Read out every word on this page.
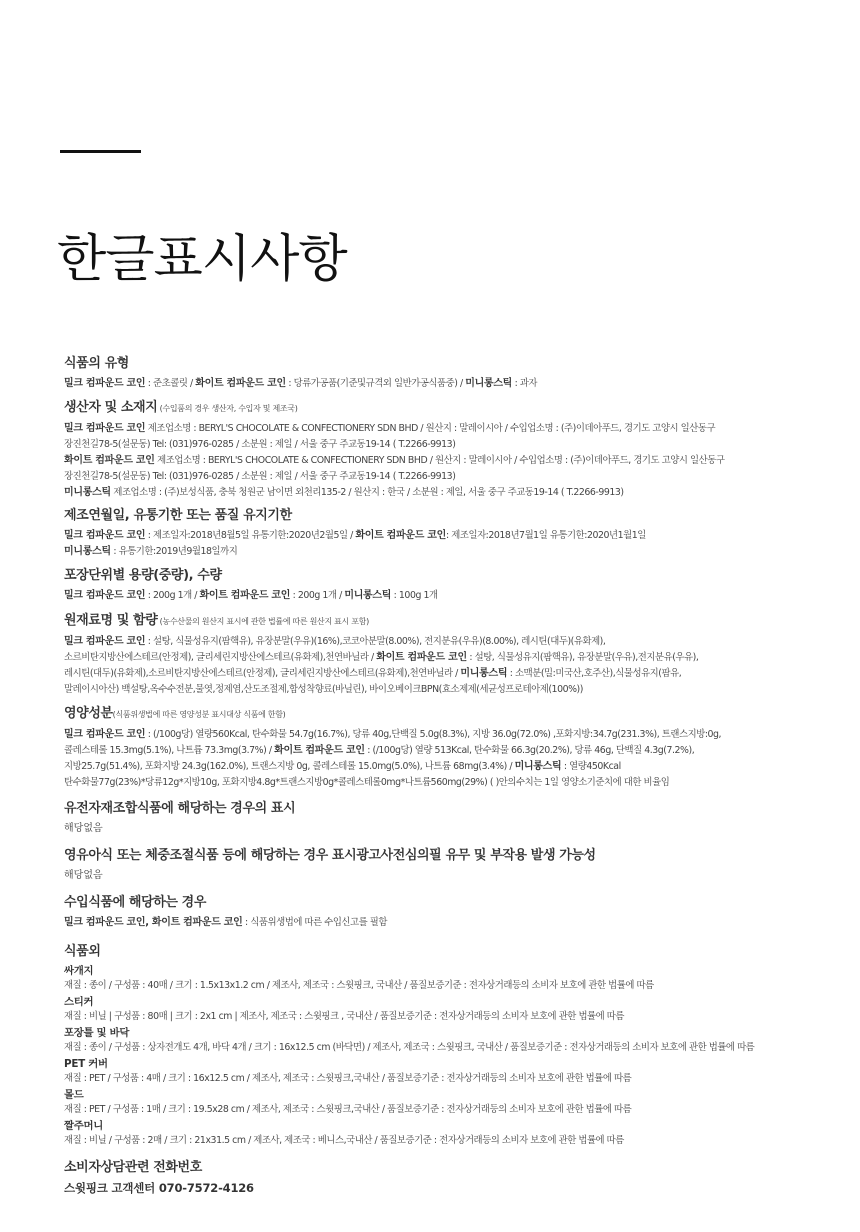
한글표시사항
식품의 유형
밀크 컴파운드 코인 : 준초콜릿 / 화이트 컴파운드 코인 : 당류가공품(기준및규격외 일반가공식품중) / 미니롱스틱 : 과자
생산자 및 소재지 (수입품의 경우 생산자, 수입자 및 제조국)
밀크 컴파운드 코인 제조업소명 : BERYL'S CHOCOLATE & CONFECTIONERY SDN BHD / 원산지 : 말레이시아 / 수입업소명 : (주)이데아푸드, 경기도 고양시 일산동구
장진천길78-5(설문동) Tel: (031)976-0285 / 소분원 : 제일 / 서울 중구 주교동19-14 ( T.2266-9913)
화이트 컴파운드 코인 제조업소명 : BERYL'S CHOCOLATE & CONFECTIONERY SDN BHD / 원산지 : 말레이시아 / 수입업소명 : (주)이데아푸드, 경기도 고양시 일산동구
장진천길78-5(설문동) Tel: (031)976-0285 / 소분원 : 제일 / 서울 중구 주교동19-14 ( T.2266-9913)
미니롱스틱 제조업소명 : (주)보성식품, 충북 청원군 남이면 외천리135-2 / 원산지 : 한국 / 소분원 : 제일, 서울 중구 주교동19-14 ( T.2266-9913)
제조연월일, 유통기한 또는 품질 유지기한
밀크 컴파운드 코인 : 제조일자:2018년8월5일 유통기한:2020년2월5일 / 화이트 컴파운드 코인: 제조일자:2018년7월1일 유통기한:2020년1월1일
미니롱스틱 : 유통기한:2019년9월18일까지
포장단위별 용량(중량), 수량
밀크 컴파운드 코인 : 200g 1개 / 화이트 컴파운드 코인 : 200g 1개 / 미니롱스틱 : 100g 1개
원재료명 및 함량 (농수산물의 원산지 표시에 관한 법률에 따른 원산지 표시 포함)
밀크 컴파운드 코인 : 설탕, 식물성유지(팜핵유), 유장분말(우유)(16%),코코아분말(8.00%), 전지분유(우유)(8.00%), 레시틴(대두)(유화제),
소르비탄지방산에스테르(안정제), 글리세린지방산에스테르(유화제),천연바닐라 / 화이트 컴파운드 코인 : 설탕, 식물성유지(팜핵유), 유장분말(우유),전지분유(우유),
레시틴(대두)(유화제),소르비탄지방산에스테르(안정제), 글리세린지방산에스테르(유화제),천연바닐라 / 미니롱스틱 : 소맥분(밀:미국산,호주산),식물성유지(팜유,
말레이시아산) 백설탕,옥수수전분,물엿,정제염,산도조절제,합성착향료(바닐린), 바이오베이크BPN(효소제제(세균성프로테아제(100%))
영양성분(식품위생법에 따른 영양성분 표시대상 식품에 한함)
밀크 컴파운드 코인 : (/100g당) 열량560Kcal, 탄수화물 54.7g(16.7%), 당류 40g,단백질 5.0g(8.3%), 지방 36.0g(72.0%) ,포화지방:34.7g(231.3%), 트랜스지방:0g,
콜레스테롤 15.3mg(5.1%), 나트륨 73.3mg(3.7%) / 화이트 컴파운드 코인 : (/100g당) 열량 513Kcal, 탄수화물 66.3g(20.2%), 당류 46g, 단백질 4.3g(7.2%),
지방25.7g(51.4%), 포화지방 24.3g(162.0%), 트랜스지방 0g, 콜레스테롤 15.0mg(5.0%), 나트륨 68mg(3.4%) / 미니롱스틱 : 열량450Kcal
탄수화물77g(23%)*당류12g*지방10g, 포화지방4.8g*트랜스지방0g*콜레스테롤0mg*나트륨560mg(29%) ( )안의수치는 1일 영양소기준치에 대한 비율임
유전자재조합식품에 해당하는 경우의 표시
해당없음
영유아식 또는 체중조절식품 등에 해당하는 경우 표시광고사전심의필 유무 및 부작용 발생 가능성
해당없음
수입식품에 해당하는 경우
밀크 컴파운드 코인, 화이트 컴파운드 코인 : 식품위생법에 따른 수입신고를 필함
식품외
싸개지
재질 : 종이 / 구성품 : 40매 / 크기 : 1.5x13x1.2 cm / 제조사, 제조국 : 스윗핑크, 국내산 / 품질보증기준 : 전자상거래등의 소비자 보호에 관한 법률에 따름
스티커
재질 : 비닐 | 구성품 : 80매 | 크기 : 2x1 cm | 제조사, 제조국 : 스윗핑크 , 국내산 / 품질보증기준 : 전자상거래등의 소비자 보호에 관한 법률에 따름
포장틀 및 바닥
재질 : 종이 / 구성품 : 상자전개도 4개, 바닥 4개 / 크기 : 16x12.5 cm (바닥면) / 제조사, 제조국 : 스윗핑크, 국내산 / 품질보증기준 : 전자상거래등의 소비자 보호에 관한 법률에 따름
PET 커버
재질 : PET / 구성품 : 4매 / 크기 : 16x12.5 cm / 제조사, 제조국 : 스윗핑크,국내산 / 품질보증기준 : 전자상거래등의 소비자 보호에 관한 법률에 따름
몰드
재질 : PET / 구성품 : 1매 / 크기 : 19.5x28 cm / 제조사, 제조국 : 스윗핑크,국내산 / 품질보증기준 : 전자상거래등의 소비자 보호에 관한 법률에 따름
짤주머니
재질 : 비닐 / 구성품 : 2매 / 크기 : 21x31.5 cm / 제조사, 제조국 : 베니스,국내산 / 품질보증기준 : 전자상거래등의 소비자 보호에 관한 법률에 따름
소비자상담관련 전화번호
스윗핑크 고객센터 070-7572-4126
